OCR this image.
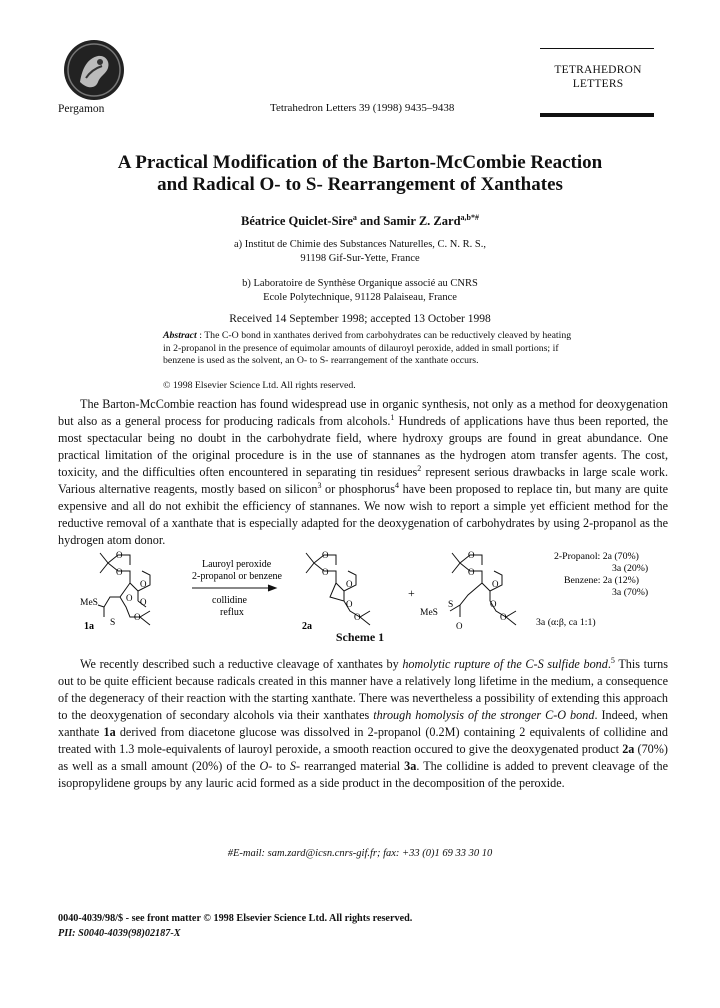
Pergamon	Tetrahedron Letters 39 (1998) 9435–9438
TETRAHEDRON
LETTERS
A Practical Modification of the Barton-McCombie Reaction
and Radical O- to S- Rearrangement of Xanthates
Béatrice Quiclet-Sire$^a$ and Samir Z. Zard$^{a,b*\#}$
a) Institut de Chimie des Substances Naturelles, C. N. R. S.,
91198 Gif-Sur-Yette, France
b) Laboratoire de Synthèse Organique associé au CNRS
Ecole Polytechnique, 91128 Palaiseau, France
Received 14 September 1998; accepted 13 October 1998
Abstract : The C-O bond in xanthates derived from carbohydrates can be reductively cleaved by heating in 2-propanol in the presence of equimolar amounts of dilauroyl peroxide, added in small portions; if benzene is used as the solvent, an O- to S- rearrangement of the xanthate occurs.
© 1998 Elsevier Science Ltd. All rights reserved.

The Barton-McCombie reaction has found widespread use in organic synthesis, not only as a method for deoxygenation but also as a general process for producing radicals from alcohols.$^1$ Hundreds of applications have thus been reported, the most spectacular being no doubt in the carbohydrate field, where hydroxy groups are found in great abundance. One practical limitation of the original procedure is in the use of stannanes as the hydrogen atom transfer agents. The cost, toxicity, and the difficulties often encountered in separating tin residues$^2$ represent serious drawbacks in large scale work. Various alternative reagents, mostly based on silicon$^3$ or phosphorus$^4$ have been proposed to replace tin, but many are quite expensive and all do not exhibit the efficiency of stannanes. We now wish to report a simple yet efficient method for the reductive removal of a xanthate that is especially adapted for the deoxygenation of carbohydrates by using 2-propanol as the hydrogen atom donor.

O
O
O
MeS
S
O
O
O
1a
Lauroyl peroxide
2-propanol or benzene
collidine
reflux
O
O
O
O
O
2a
+
O
O
O
MeS
S
O
O
O
2-Propanol: 2a (70%)
3a (20%)
Benzene: 2a (12%)
3a (70%)
3a (α:β, ca 1:1)
Scheme 1

We recently described such a reductive cleavage of xanthates by homolytic rupture of the C-S sulfide bond.$^5$ This turns out to be quite efficient because radicals created in this manner have a relatively long lifetime in the medium, a consequence of the degeneracy of their reaction with the starting xanthate. There was nevertheless a possibility of extending this approach to the deoxygenation of secondary alcohols via their xanthates through homolysis of the stronger C-O bond. Indeed, when xanthate 1a derived from diacetone glucose was dissolved in 2-propanol (0.2M) containing 2 equivalents of collidine and treated with 1.3 mole-equivalents of lauroyl peroxide, a smooth reaction occured to give the deoxygenated product 2a (70%) as well as a small amount (20%) of the O- to S- rearranged material 3a. The collidine is added to prevent cleavage of the isopropylidene groups by any lauric acid formed as a side product in the decomposition of the peroxide.

#E-mail: sam.zard@icsn.cnrs-gif.fr; fax: +33 (0)1 69 33 30 10
0040-4039/98/$ - see front matter © 1998 Elsevier Science Ltd. All rights reserved.
PII: S0040-4039(98)02187-X
